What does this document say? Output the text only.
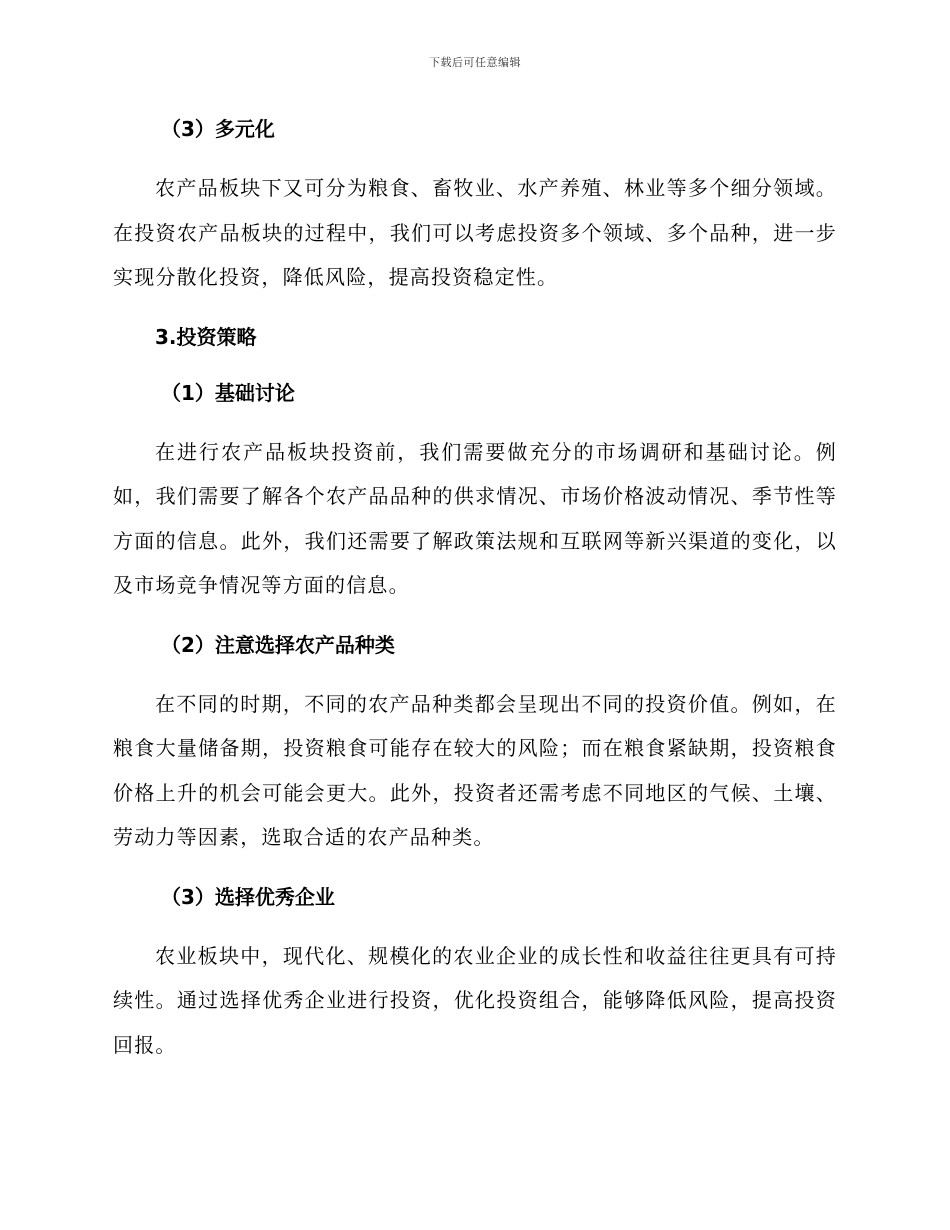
下载后可任意编辑

（3）多元化

农产品板块下又可分为粮食、畜牧业、水产养殖、林业等多个细分领域。在投资农产品板块的过程中，我们可以考虑投资多个领域、多个品种，进一步实现分散化投资，降低风险，提高投资稳定性。

3.投资策略

（1）基础讨论

在进行农产品板块投资前，我们需要做充分的市场调研和基础讨论。例如，我们需要了解各个农产品品种的供求情况、市场价格波动情况、季节性等方面的信息。此外，我们还需要了解政策法规和互联网等新兴渠道的变化，以及市场竞争情况等方面的信息。

（2）注意选择农产品种类

在不同的时期，不同的农产品种类都会呈现出不同的投资价值。例如，在粮食大量储备期，投资粮食可能存在较大的风险；而在粮食紧缺期，投资粮食价格上升的机会可能会更大。此外，投资者还需考虑不同地区的气候、土壤、劳动力等因素，选取合适的农产品种类。

（3）选择优秀企业

农业板块中，现代化、规模化的农业企业的成长性和收益往往更具有可持续性。通过选择优秀企业进行投资，优化投资组合，能够降低风险，提高投资回报。
